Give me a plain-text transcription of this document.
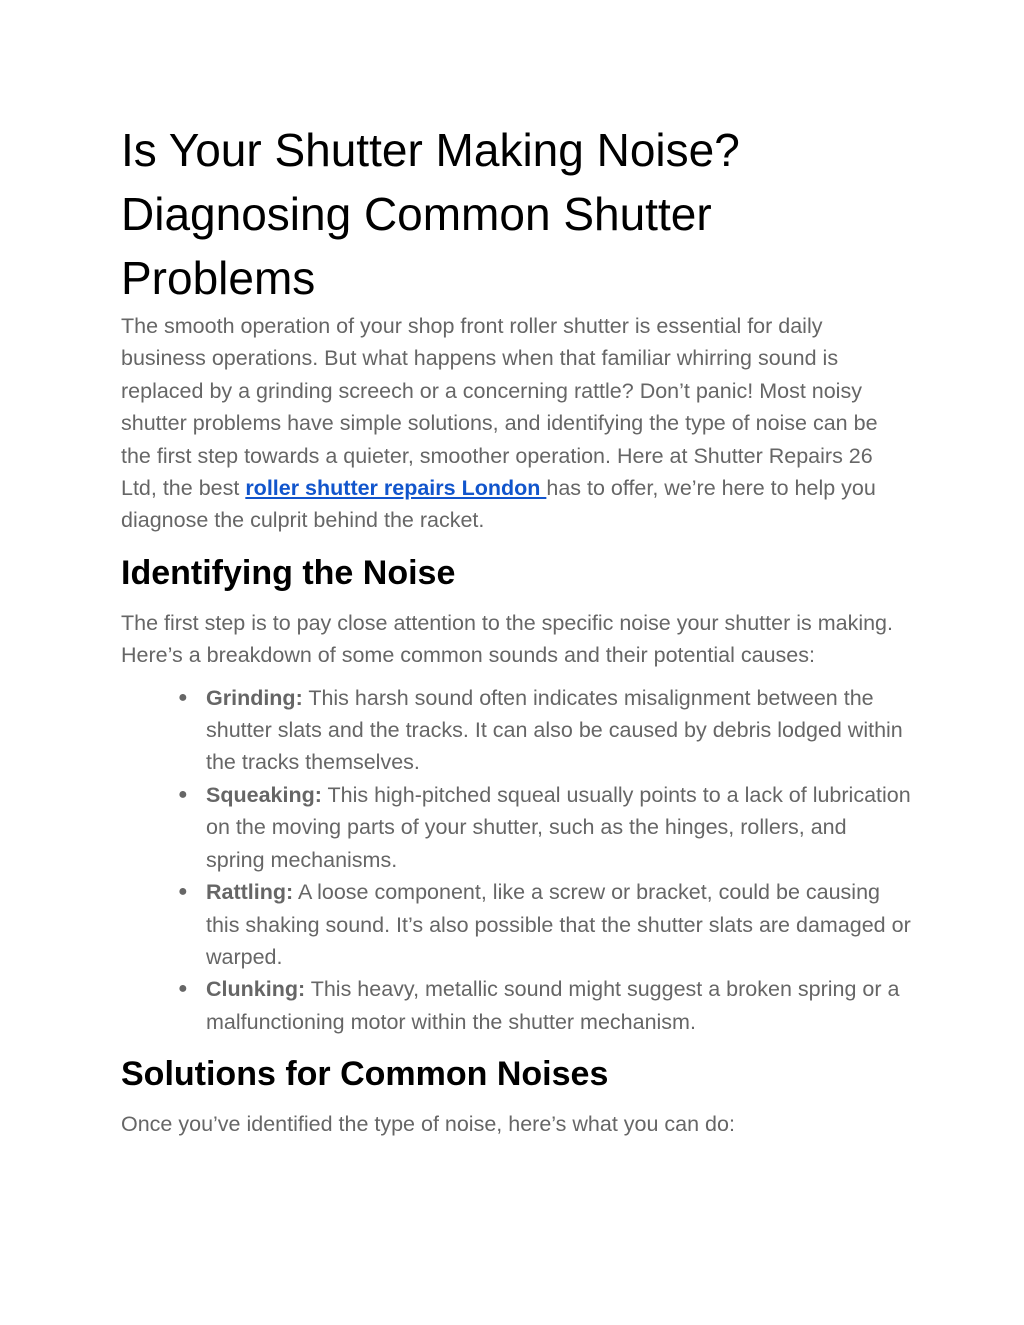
Is Your Shutter Making Noise?
Diagnosing Common Shutter
Problems

The smooth operation of your shop front roller shutter is essential for daily business operations. But what happens when that familiar whirring sound is replaced by a grinding screech or a concerning rattle? Don’t panic! Most noisy shutter problems have simple solutions, and identifying the type of noise can be the first step towards a quieter, smoother operation. Here at Shutter Repairs 26 Ltd, the best roller shutter repairs London has to offer, we’re here to help you diagnose the culprit behind the racket.

Identifying the Noise

The first step is to pay close attention to the specific noise your shutter is making. Here’s a breakdown of some common sounds and their potential causes:

● Grinding: This harsh sound often indicates misalignment between the shutter slats and the tracks. It can also be caused by debris lodged within the tracks themselves.
● Squeaking: This high-pitched squeal usually points to a lack of lubrication on the moving parts of your shutter, such as the hinges, rollers, and spring mechanisms.
● Rattling: A loose component, like a screw or bracket, could be causing this shaking sound. It’s also possible that the shutter slats are damaged or warped.
● Clunking: This heavy, metallic sound might suggest a broken spring or a malfunctioning motor within the shutter mechanism.
Solutions for Common Noises

Once you’ve identified the type of noise, here’s what you can do:
